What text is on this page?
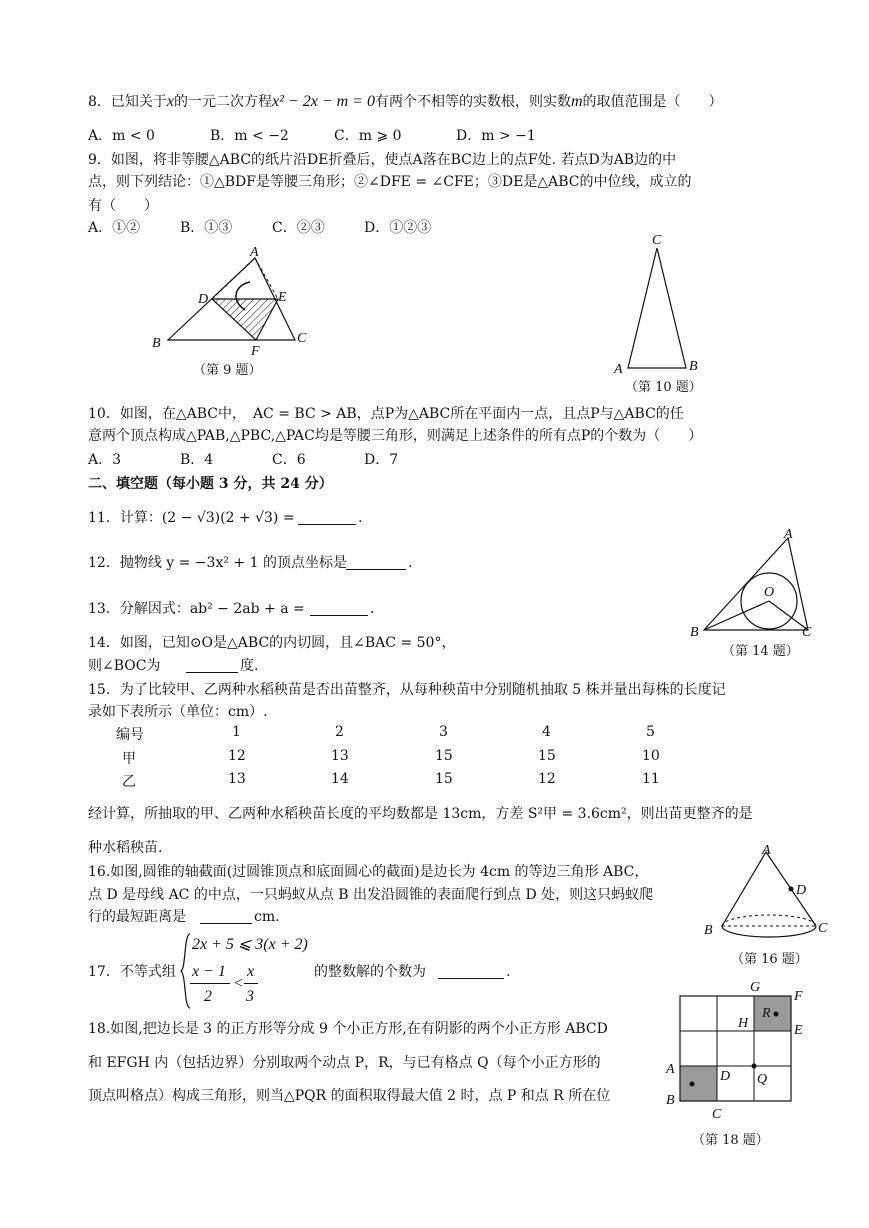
8．已知关于x的一元二次方程x² − 2x − m = 0有两个不相等的实数根，则实数m的取值范围是（　　）
A．m < 0	B．m < −2	C．m ⩾ 0	D．m > −1
9．如图，将非等腰△ABC的纸片沿DE折叠后，使点A落在BC边上的点F处. 若点D为AB边的中
点，则下列结论：①△BDF是等腰三角形；②∠DFE = ∠CFE；③DE是△ABC的中位线，成立的
有（　　）
A．①②	B．①③	C．②③	D．①②③
A
B	C
D	E
F
（第 9 题）
C
A	B
（第 10 题）
10．如图，在△ABC中，　AC = BC > AB，点P为△ABC所在平面内一点，且点P与△ABC的任
意两个顶点构成△PAB,△PBC,△PAC均是等腰三角形，则满足上述条件的所有点P的个数为（　　）
A．3	B．4	C．6	D．7
二、填空题（每小题 3 分，共 24 分）
11．计算：(2 − √3)(2 + √3) =	.
12．抛物线 y = −3x² + 1 的顶点坐标是	.
13．分解因式：ab² − 2ab + a =	.
A
B	C
O
（第 14 题）
14．如图，已知⊙O是△ABC的内切圆，且∠BAC = 50°，
则∠BOC为	度.
15．为了比较甲、乙两种水稻秧苗是否出苗整齐，从每种秧苗中分别随机抽取 5 株并量出每株的长度记
录如下表所示（单位：cm）.
编号	1	2	3	4	5
甲	12	13	15	15	10
乙	13	14	15	12	11
经计算，所抽取的甲、乙两种水稻秧苗长度的平均数都是 13cm，方差 S²甲 = 3.6cm²，则出苗更整齐的是
种水稻秧苗.	A
B	C
D
（第 16 题）
16.如图,圆锥的轴截面(过圆锥顶点和底面圆心的截面)是边长为 4cm 的等边三角形 ABC，
点 D 是母线 AC 的中点，一只蚂蚁从点 B 出发沿圆锥的表面爬行到点 D 处，则这只蚂蚁爬
行的最短距离是	cm.
17．不等式组
2x + 5 ⩽ 3(x + 2)
x − 1
2
<
x
3
的整数解的个数为	.
18.如图,把边长是 3 的正方形等分成 9 个小正方形,在有阴影的两个小正方形 ABCD
和 EFGH 内（包括边界）分别取两个动点 P，R，与已有格点 Q（每个小正方形的
顶点叫格点）构成三角形，则当△PQR 的面积取得最大值 2 时，点 P 和点 R 所在位
G
F
H	E
R
A	D Q
B
C
（第 18 题）
